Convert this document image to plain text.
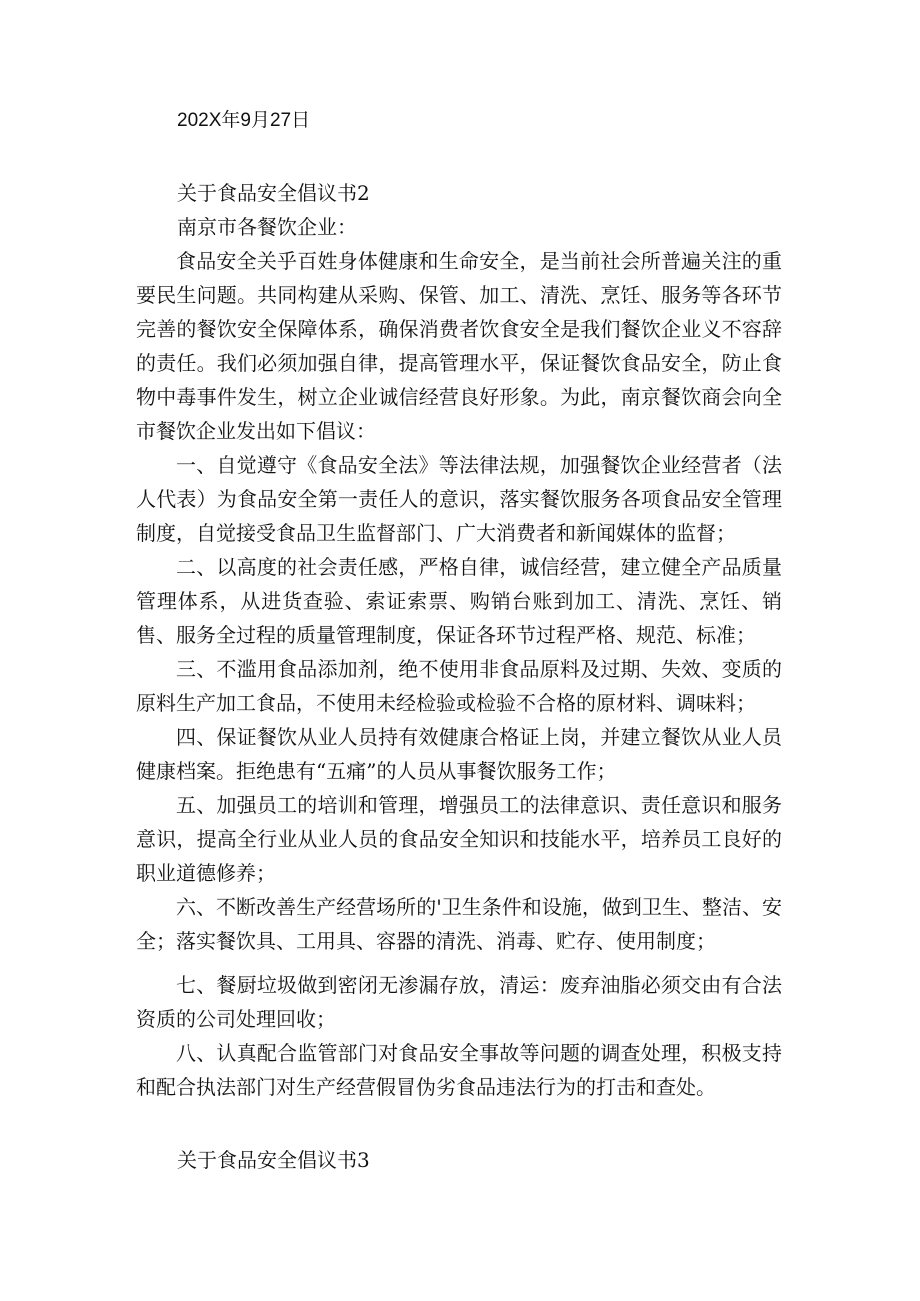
202X年9月27日

关于食品安全倡议书2

南京市各餐饮企业：

食品安全关乎百姓身体健康和生命安全，是当前社会所普遍关注的重要民生问题。共同构建从采购、保管、加工、清洗、烹饪、服务等各环节完善的餐饮安全保障体系，确保消费者饮食安全是我们餐饮企业义不容辞的责任。我们必须加强自律，提高管理水平，保证餐饮食品安全，防止食物中毒事件发生，树立企业诚信经营良好形象。为此，南京餐饮商会向全市餐饮企业发出如下倡议：

一、自觉遵守《食品安全法》等法律法规，加强餐饮企业经营者（法人代表）为食品安全第一责任人的意识，落实餐饮服务各项食品安全管理制度，自觉接受食品卫生监督部门、广大消费者和新闻媒体的监督；

二、以高度的社会责任感，严格自律，诚信经营，建立健全产品质量管理体系，从进货查验、索证索票、购销台账到加工、清洗、烹饪、销售、服务全过程的质量管理制度，保证各环节过程严格、规范、标准；

三、不滥用食品添加剂，绝不使用非食品原料及过期、失效、变质的原料生产加工食品，不使用未经检验或检验不合格的原材料、调味料；

四、保证餐饮从业人员持有效健康合格证上岗，并建立餐饮从业人员健康档案。拒绝患有“五痛”的人员从事餐饮服务工作；

五、加强员工的培训和管理，增强员工的法律意识、责任意识和服务意识，提高全行业从业人员的食品安全知识和技能水平，培养员工良好的职业道德修养；

六、不断改善生产经营场所的'卫生条件和设施，做到卫生、整洁、安全；落实餐饮具、工用具、容器的清洗、消毒、贮存、使用制度；

七、餐厨垃圾做到密闭无渗漏存放，清运：废弃油脂必须交由有合法资质的公司处理回收；

八、认真配合监管部门对食品安全事故等问题的调查处理，积极支持和配合执法部门对生产经营假冒伪劣食品违法行为的打击和查处。

关于食品安全倡议书3
